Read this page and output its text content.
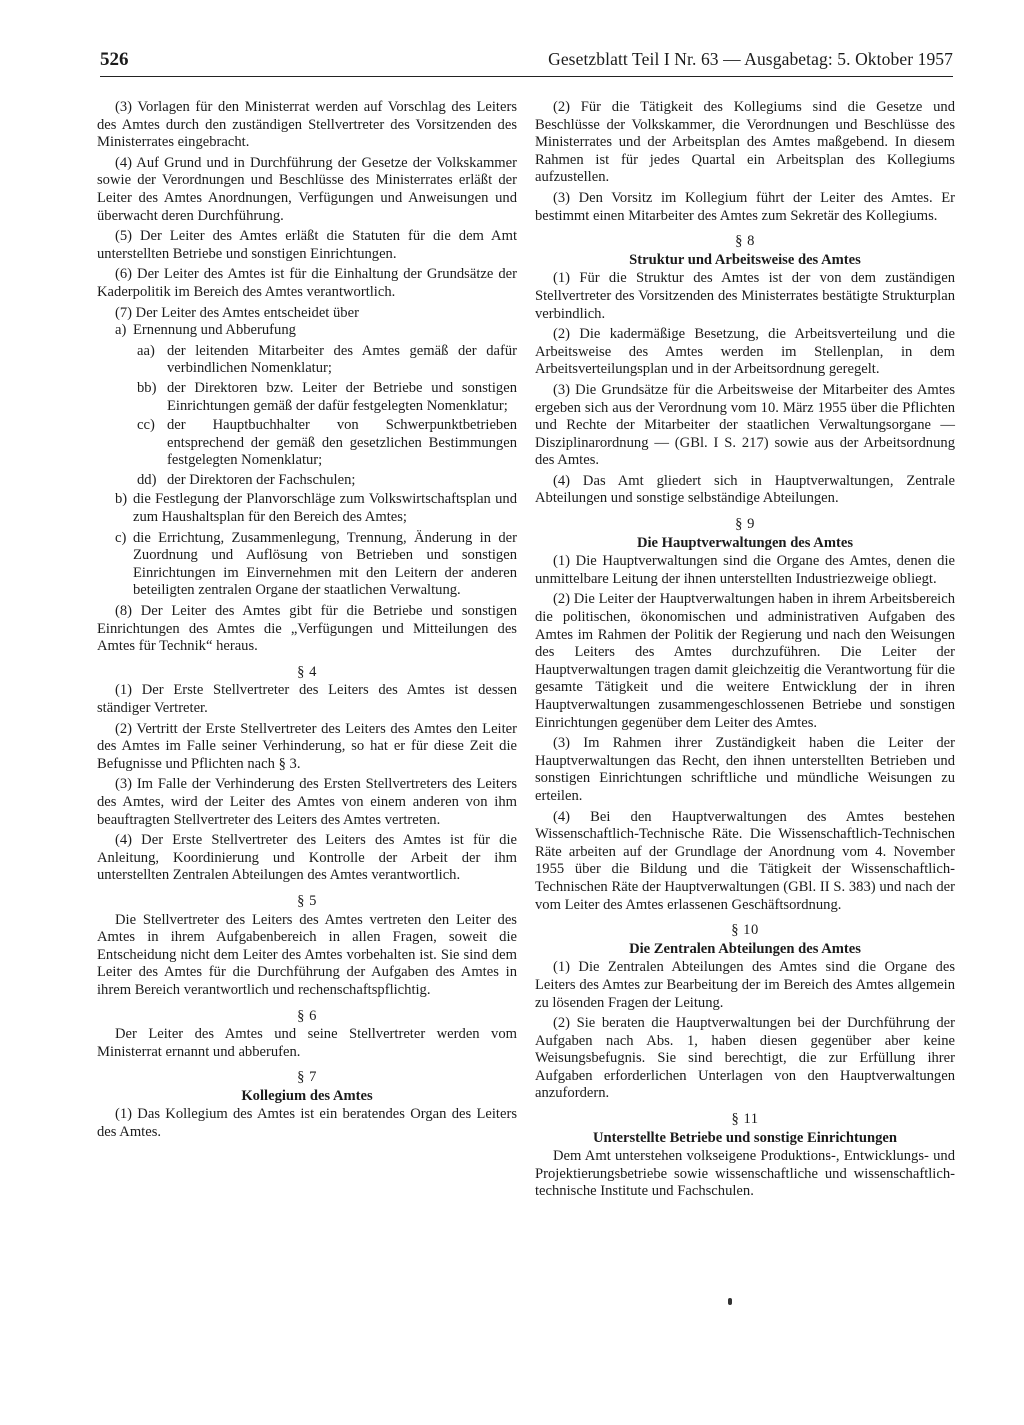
526	Gesetzblatt Teil I Nr. 63 — Ausgabetag: 5. Oktober 1957

(3) Vorlagen für den Ministerrat werden auf Vorschlag des Leiters des Amtes durch den zuständigen Stellvertreter des Vorsitzenden des Ministerrates eingebracht.

(4) Auf Grund und in Durchführung der Gesetze der Volkskammer sowie der Verordnungen und Beschlüsse des Ministerrates erläßt der Leiter des Amtes Anordnungen, Verfügungen und Anweisungen und überwacht deren Durchführung.

(5) Der Leiter des Amtes erläßt die Statuten für die dem Amt unterstellten Betriebe und sonstigen Einrichtungen.

(6) Der Leiter des Amtes ist für die Einhaltung der Grundsätze der Kaderpolitik im Bereich des Amtes verantwortlich.

(7) Der Leiter des Amtes entscheidet über

a) Ernennung und Abberufung
aa) der leitenden Mitarbeiter des Amtes gemäß der dafür verbindlichen Nomenklatur;
bb) der Direktoren bzw. Leiter der Betriebe und sonstigen Einrichtungen gemäß der dafür festgelegten Nomenklatur;
cc) der Hauptbuchhalter von Schwerpunktbetrieben entsprechend der gemäß den gesetzlichen Bestimmungen festgelegten Nomenklatur;
dd) der Direktoren der Fachschulen;
b) die Festlegung der Planvorschläge zum Volkswirtschaftsplan und zum Haushaltsplan für den Bereich des Amtes;
c) die Errichtung, Zusammenlegung, Trennung, Änderung in der Zuordnung und Auflösung von Betrieben und sonstigen Einrichtungen im Einvernehmen mit den Leitern der anderen beteiligten zentralen Organe der staatlichen Verwaltung.

(8) Der Leiter des Amtes gibt für die Betriebe und sonstigen Einrichtungen des Amtes die „Verfügungen und Mitteilungen des Amtes für Technik“ heraus.

§ 4

(1) Der Erste Stellvertreter des Leiters des Amtes ist dessen ständiger Vertreter.

(2) Vertritt der Erste Stellvertreter des Leiters des Amtes den Leiter des Amtes im Falle seiner Verhinderung, so hat er für diese Zeit die Befugnisse und Pflichten nach § 3.

(3) Im Falle der Verhinderung des Ersten Stellvertreters des Leiters des Amtes, wird der Leiter des Amtes von einem anderen von ihm beauftragten Stellvertreter des Leiters des Amtes vertreten.

(4) Der Erste Stellvertreter des Leiters des Amtes ist für die Anleitung, Koordinierung und Kontrolle der Arbeit der ihm unterstellten Zentralen Abteilungen des Amtes verantwortlich.

§ 5

Die Stellvertreter des Leiters des Amtes vertreten den Leiter des Amtes in ihrem Aufgabenbereich in allen Fragen, soweit die Entscheidung nicht dem Leiter des Amtes vorbehalten ist. Sie sind dem Leiter des Amtes für die Durchführung der Aufgaben des Amtes in ihrem Bereich verantwortlich und rechenschaftspflichtig.

§ 6

Der Leiter des Amtes und seine Stellvertreter werden vom Ministerrat ernannt und abberufen.

§ 7
Kollegium des Amtes

(1) Das Kollegium des Amtes ist ein beratendes Organ des Leiters des Amtes.

(2) Für die Tätigkeit des Kollegiums sind die Gesetze und Beschlüsse der Volkskammer, die Verordnungen und Beschlüsse des Ministerrates und der Arbeitsplan des Amtes maßgebend. In diesem Rahmen ist für jedes Quartal ein Arbeitsplan des Kollegiums aufzustellen.

(3) Den Vorsitz im Kollegium führt der Leiter des Amtes. Er bestimmt einen Mitarbeiter des Amtes zum Sekretär des Kollegiums.

§ 8
Struktur und Arbeitsweise des Amtes

(1) Für die Struktur des Amtes ist der von dem zuständigen Stellvertreter des Vorsitzenden des Ministerrates bestätigte Strukturplan verbindlich.

(2) Die kadermäßige Besetzung, die Arbeitsverteilung und die Arbeitsweise des Amtes werden im Stellenplan, in dem Arbeitsverteilungsplan und in der Arbeitsordnung geregelt.

(3) Die Grundsätze für die Arbeitsweise der Mitarbeiter des Amtes ergeben sich aus der Verordnung vom 10. März 1955 über die Pflichten und Rechte der Mitarbeiter der staatlichen Verwaltungsorgane — Disziplinarordnung — (GBl. I S. 217) sowie aus der Arbeitsordnung des Amtes.

(4) Das Amt gliedert sich in Hauptverwaltungen, Zentrale Abteilungen und sonstige selbständige Abteilungen.

§ 9
Die Hauptverwaltungen des Amtes

(1) Die Hauptverwaltungen sind die Organe des Amtes, denen die unmittelbare Leitung der ihnen unterstellten Industriezweige obliegt.

(2) Die Leiter der Hauptverwaltungen haben in ihrem Arbeitsbereich die politischen, ökonomischen und administrativen Aufgaben des Amtes im Rahmen der Politik der Regierung und nach den Weisungen des Leiters des Amtes durchzuführen. Die Leiter der Hauptverwaltungen tragen damit gleichzeitig die Verantwortung für die gesamte Tätigkeit und die weitere Entwicklung der in ihren Hauptverwaltungen zusammengeschlossenen Betriebe und sonstigen Einrichtungen gegenüber dem Leiter des Amtes.

(3) Im Rahmen ihrer Zuständigkeit haben die Leiter der Hauptverwaltungen das Recht, den ihnen unterstellten Betrieben und sonstigen Einrichtungen schriftliche und mündliche Weisungen zu erteilen.

(4) Bei den Hauptverwaltungen des Amtes bestehen Wissenschaftlich-Technische Räte. Die Wissenschaftlich-Technischen Räte arbeiten auf der Grundlage der Anordnung vom 4. November 1955 über die Bildung und die Tätigkeit der Wissenschaftlich-Technischen Räte der Hauptverwaltungen (GBl. II S. 383) und nach der vom Leiter des Amtes erlassenen Geschäftsordnung.

§ 10
Die Zentralen Abteilungen des Amtes

(1) Die Zentralen Abteilungen des Amtes sind die Organe des Leiters des Amtes zur Bearbeitung der im Bereich des Amtes allgemein zu lösenden Fragen der Leitung.

(2) Sie beraten die Hauptverwaltungen bei der Durchführung der Aufgaben nach Abs. 1, haben diesen gegenüber aber keine Weisungsbefugnis. Sie sind berechtigt, die zur Erfüllung ihrer Aufgaben erforderlichen Unterlagen von den Hauptverwaltungen anzufordern.

§ 11
Unterstellte Betriebe und sonstige Einrichtungen

Dem Amt unterstehen volkseigene Produktions-, Entwicklungs- und Projektierungsbetriebe sowie wissenschaftliche und wissenschaftlich-technische Institute und Fachschulen.
